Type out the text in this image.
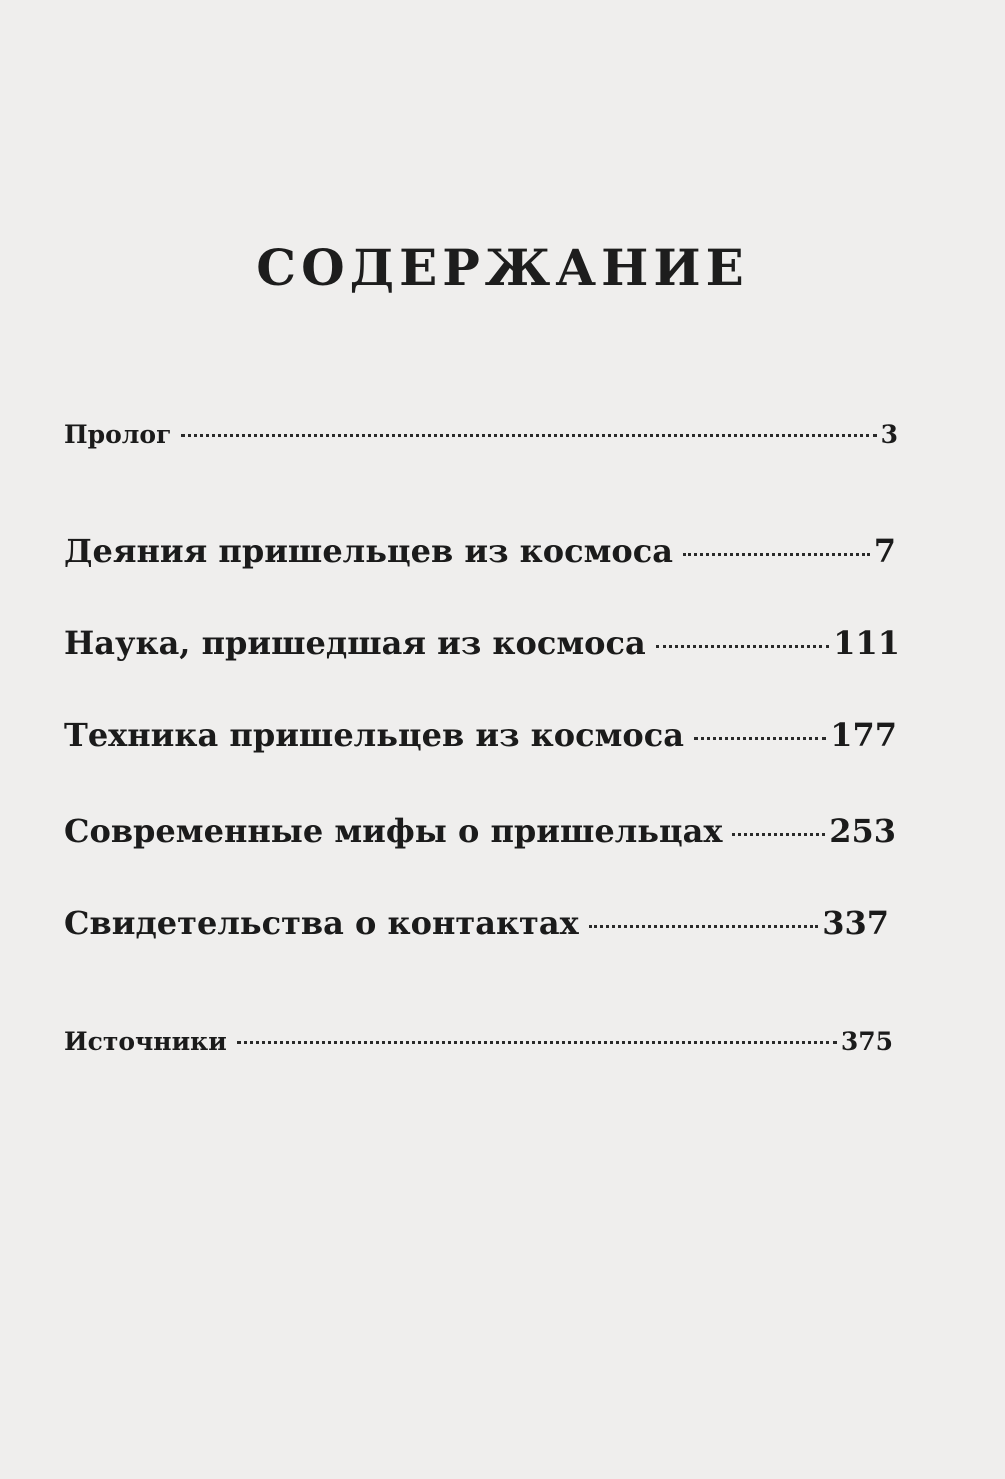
СОДЕРЖАНИЕ
Пролог	3
Деяния пришельцев из космоса	7
Наука, пришедшая из космоса	111
Техника пришельцев из космоса	177
Современные мифы о пришельцах	253
Свидетельства о контактах	337
Источники	375
